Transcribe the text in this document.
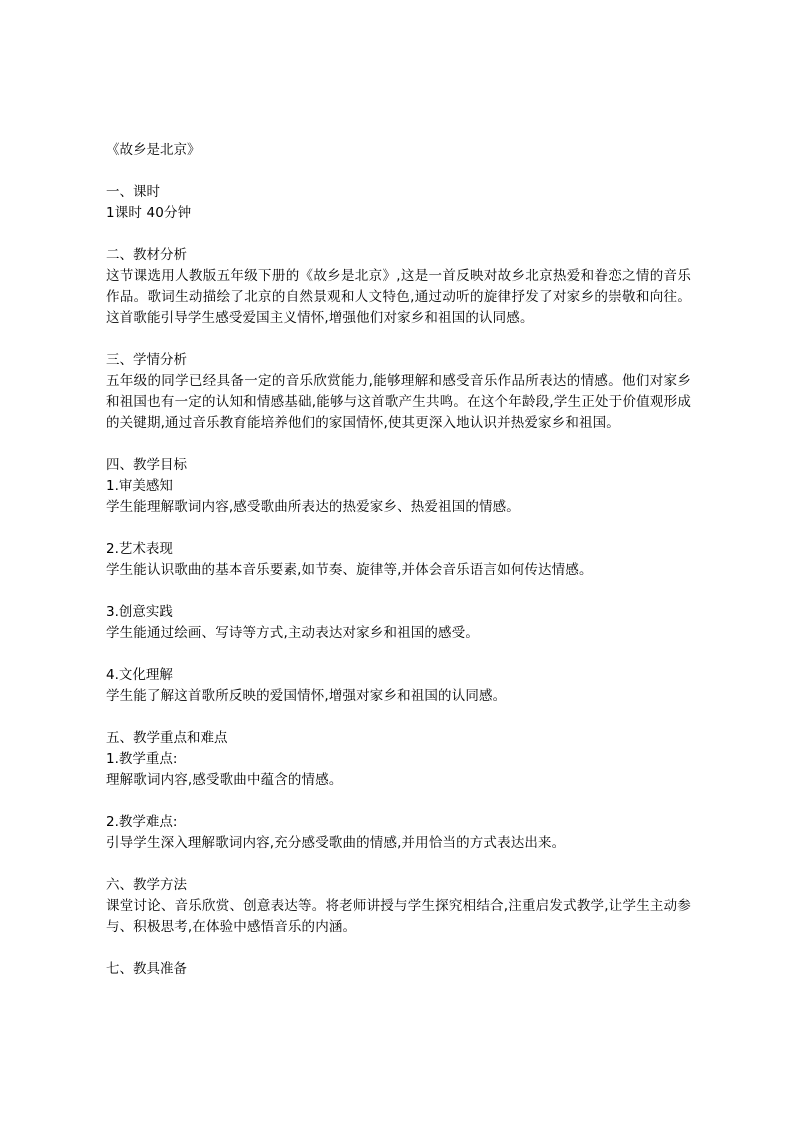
《故乡是北京》

一、课时

1课时 40分钟

二、教材分析

这节课选用人教版五年级下册的《故乡是北京》,这是一首反映对故乡北京热爱和眷恋之情的音乐作品。歌词生动描绘了北京的自然景观和人文特色,通过动听的旋律抒发了对家乡的崇敬和向往。这首歌能引导学生感受爱国主义情怀,增强他们对家乡和祖国的认同感。

三、学情分析

五年级的同学已经具备一定的音乐欣赏能力,能够理解和感受音乐作品所表达的情感。他们对家乡和祖国也有一定的认知和情感基础,能够与这首歌产生共鸣。在这个年龄段,学生正处于价值观形成的关键期,通过音乐教育能培养他们的家国情怀,使其更深入地认识并热爱家乡和祖国。

四、教学目标

1.审美感知

学生能理解歌词内容,感受歌曲所表达的热爱家乡、热爱祖国的情感。

2.艺术表现

学生能认识歌曲的基本音乐要素,如节奏、旋律等,并体会音乐语言如何传达情感。

3.创意实践

学生能通过绘画、写诗等方式,主动表达对家乡和祖国的感受。

4.文化理解

学生能了解这首歌所反映的爱国情怀,增强对家乡和祖国的认同感。

五、教学重点和难点

1.教学重点:

理解歌词内容,感受歌曲中蕴含的情感。

2.教学难点:

引导学生深入理解歌词内容,充分感受歌曲的情感,并用恰当的方式表达出来。

六、教学方法

课堂讨论、音乐欣赏、创意表达等。将老师讲授与学生探究相结合,注重启发式教学,让学生主动参与、积极思考,在体验中感悟音乐的内涵。

七、教具准备
